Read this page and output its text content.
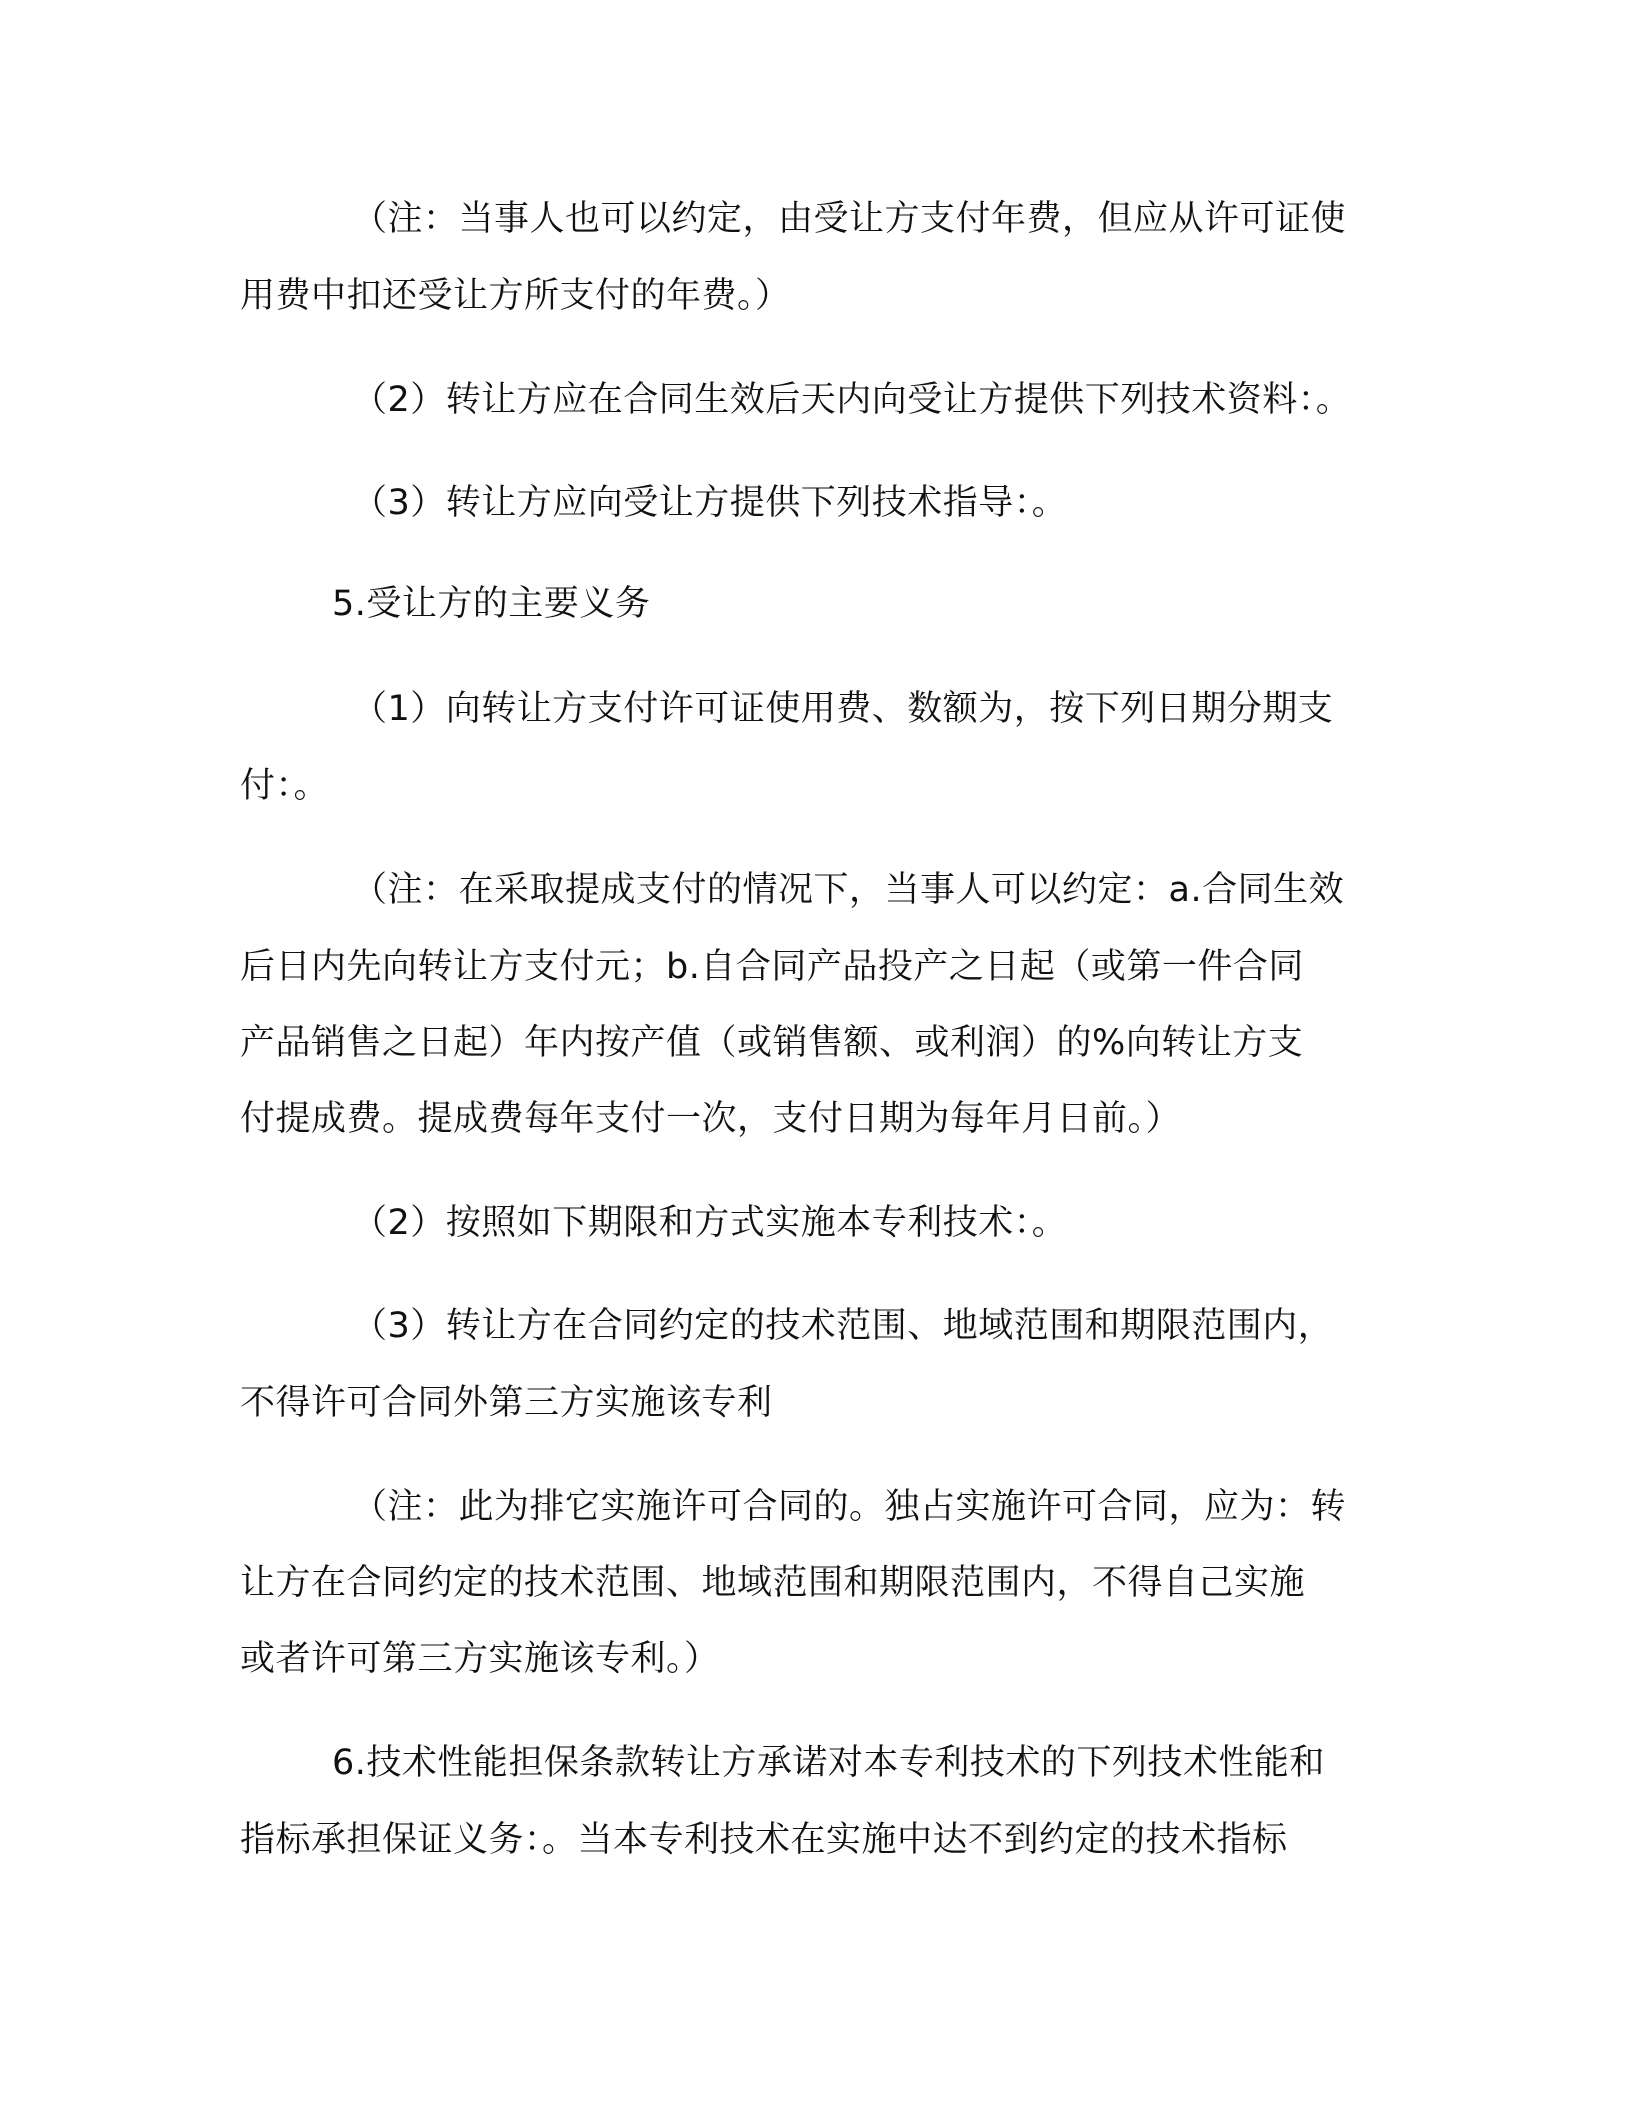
（注：当事人也可以约定，由受让方支付年费，但应从许可证使
用费中扣还受让方所支付的年费。）
（2）转让方应在合同生效后天内向受让方提供下列技术资料：。
（3）转让方应向受让方提供下列技术指导：。
5.受让方的主要义务
（1）向转让方支付许可证使用费、数额为，按下列日期分期支
付：。
（注：在采取提成支付的情况下，当事人可以约定：a.合同生效
后日内先向转让方支付元；b.自合同产品投产之日起（或第一件合同
产品销售之日起）年内按产值（或销售额、或利润）的%向转让方支
付提成费。提成费每年支付一次，支付日期为每年月日前。）
（2）按照如下期限和方式实施本专利技术：。
（3）转让方在合同约定的技术范围、地域范围和期限范围内，
不得许可合同外第三方实施该专利
（注：此为排它实施许可合同的。独占实施许可合同，应为：转
让方在合同约定的技术范围、地域范围和期限范围内，不得自己实施
或者许可第三方实施该专利。）
6.技术性能担保条款转让方承诺对本专利技术的下列技术性能和
指标承担保证义务：。当本专利技术在实施中达不到约定的技术指标
